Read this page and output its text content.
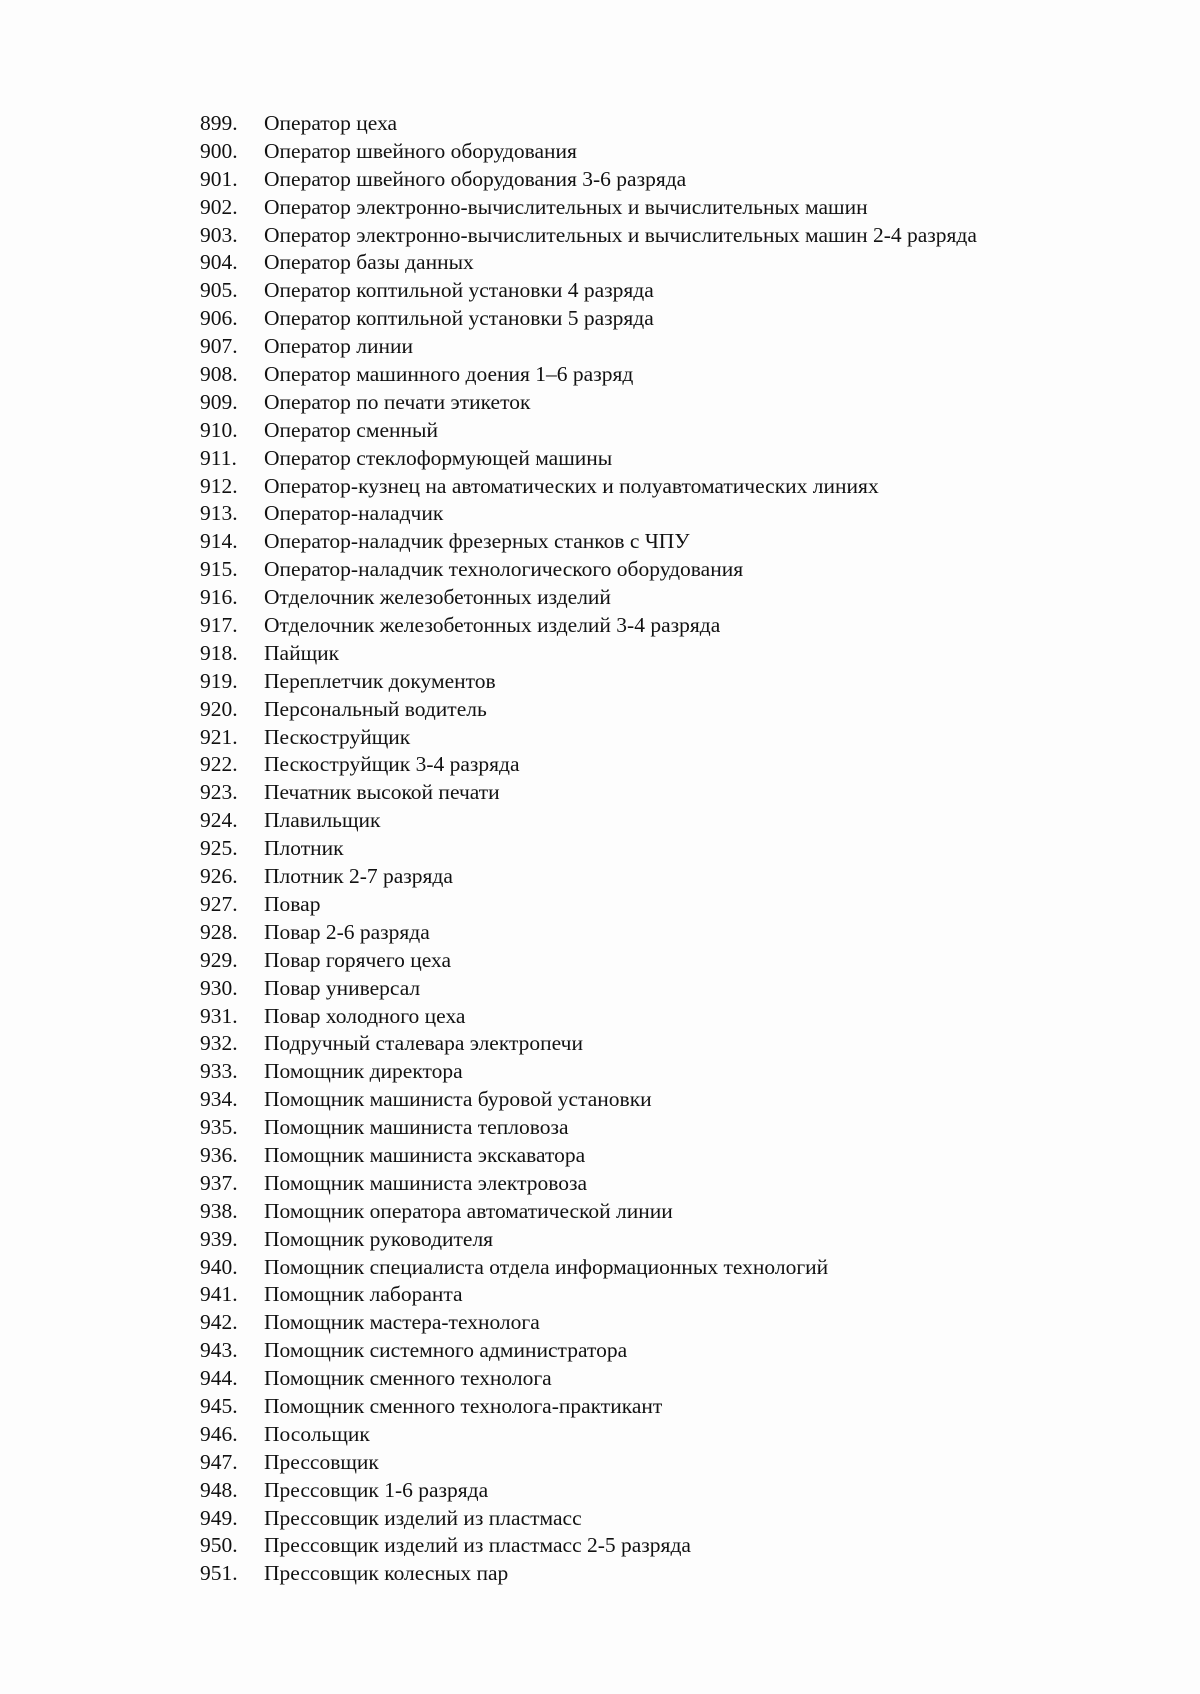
899.	Оператор цеха
900.	Оператор швейного оборудования
901.	Оператор швейного оборудования 3-6 разряда
902.	Оператор электронно-вычислительных и вычислительных машин
903.	Оператор электронно-вычислительных и вычислительных машин 2-4 разряда
904.	Оператор базы данных
905.	Оператор коптильной установки 4 разряда
906.	Оператор коптильной установки 5 разряда
907.	Оператор линии
908.	Оператор машинного доения 1–6 разряд
909.	Оператор по печати этикеток
910.	Оператор сменный
911.	Оператор стеклоформующей машины
912.	Оператор-кузнец на автоматических и полуавтоматических линиях
913.	Оператор-наладчик
914.	Оператор-наладчик фрезерных станков с ЧПУ
915.	Оператор-наладчик технологического оборудования
916.	Отделочник железобетонных изделий
917.	Отделочник железобетонных изделий 3-4 разряда
918.	Пайщик
919.	Переплетчик документов
920.	Персональный водитель
921.	Пескоструйщик
922.	Пескоструйщик 3-4 разряда
923.	Печатник высокой печати
924.	Плавильщик
925.	Плотник
926.	Плотник 2-7 разряда
927.	Повар
928.	Повар 2-6 разряда
929.	Повар горячего цеха
930.	Повар универсал
931.	Повар холодного цеха
932.	Подручный сталевара электропечи
933.	Помощник директора
934.	Помощник машиниста буровой установки
935.	Помощник машиниста тепловоза
936.	Помощник машиниста экскаватора
937.	Помощник машиниста электровоза
938.	Помощник оператора автоматической линии
939.	Помощник руководителя
940.	Помощник специалиста отдела информационных технологий
941.	Помощник лаборанта
942.	Помощник мастера-технолога
943.	Помощник системного администратора
944.	Помощник сменного технолога
945.	Помощник сменного технолога-практикант
946.	Посольщик
947.	Прессовщик
948.	Прессовщик 1-6 разряда
949.	Прессовщик изделий из пластмасс
950.	Прессовщик изделий из пластмасс 2-5 разряда
951.	Прессовщик колесных пар
